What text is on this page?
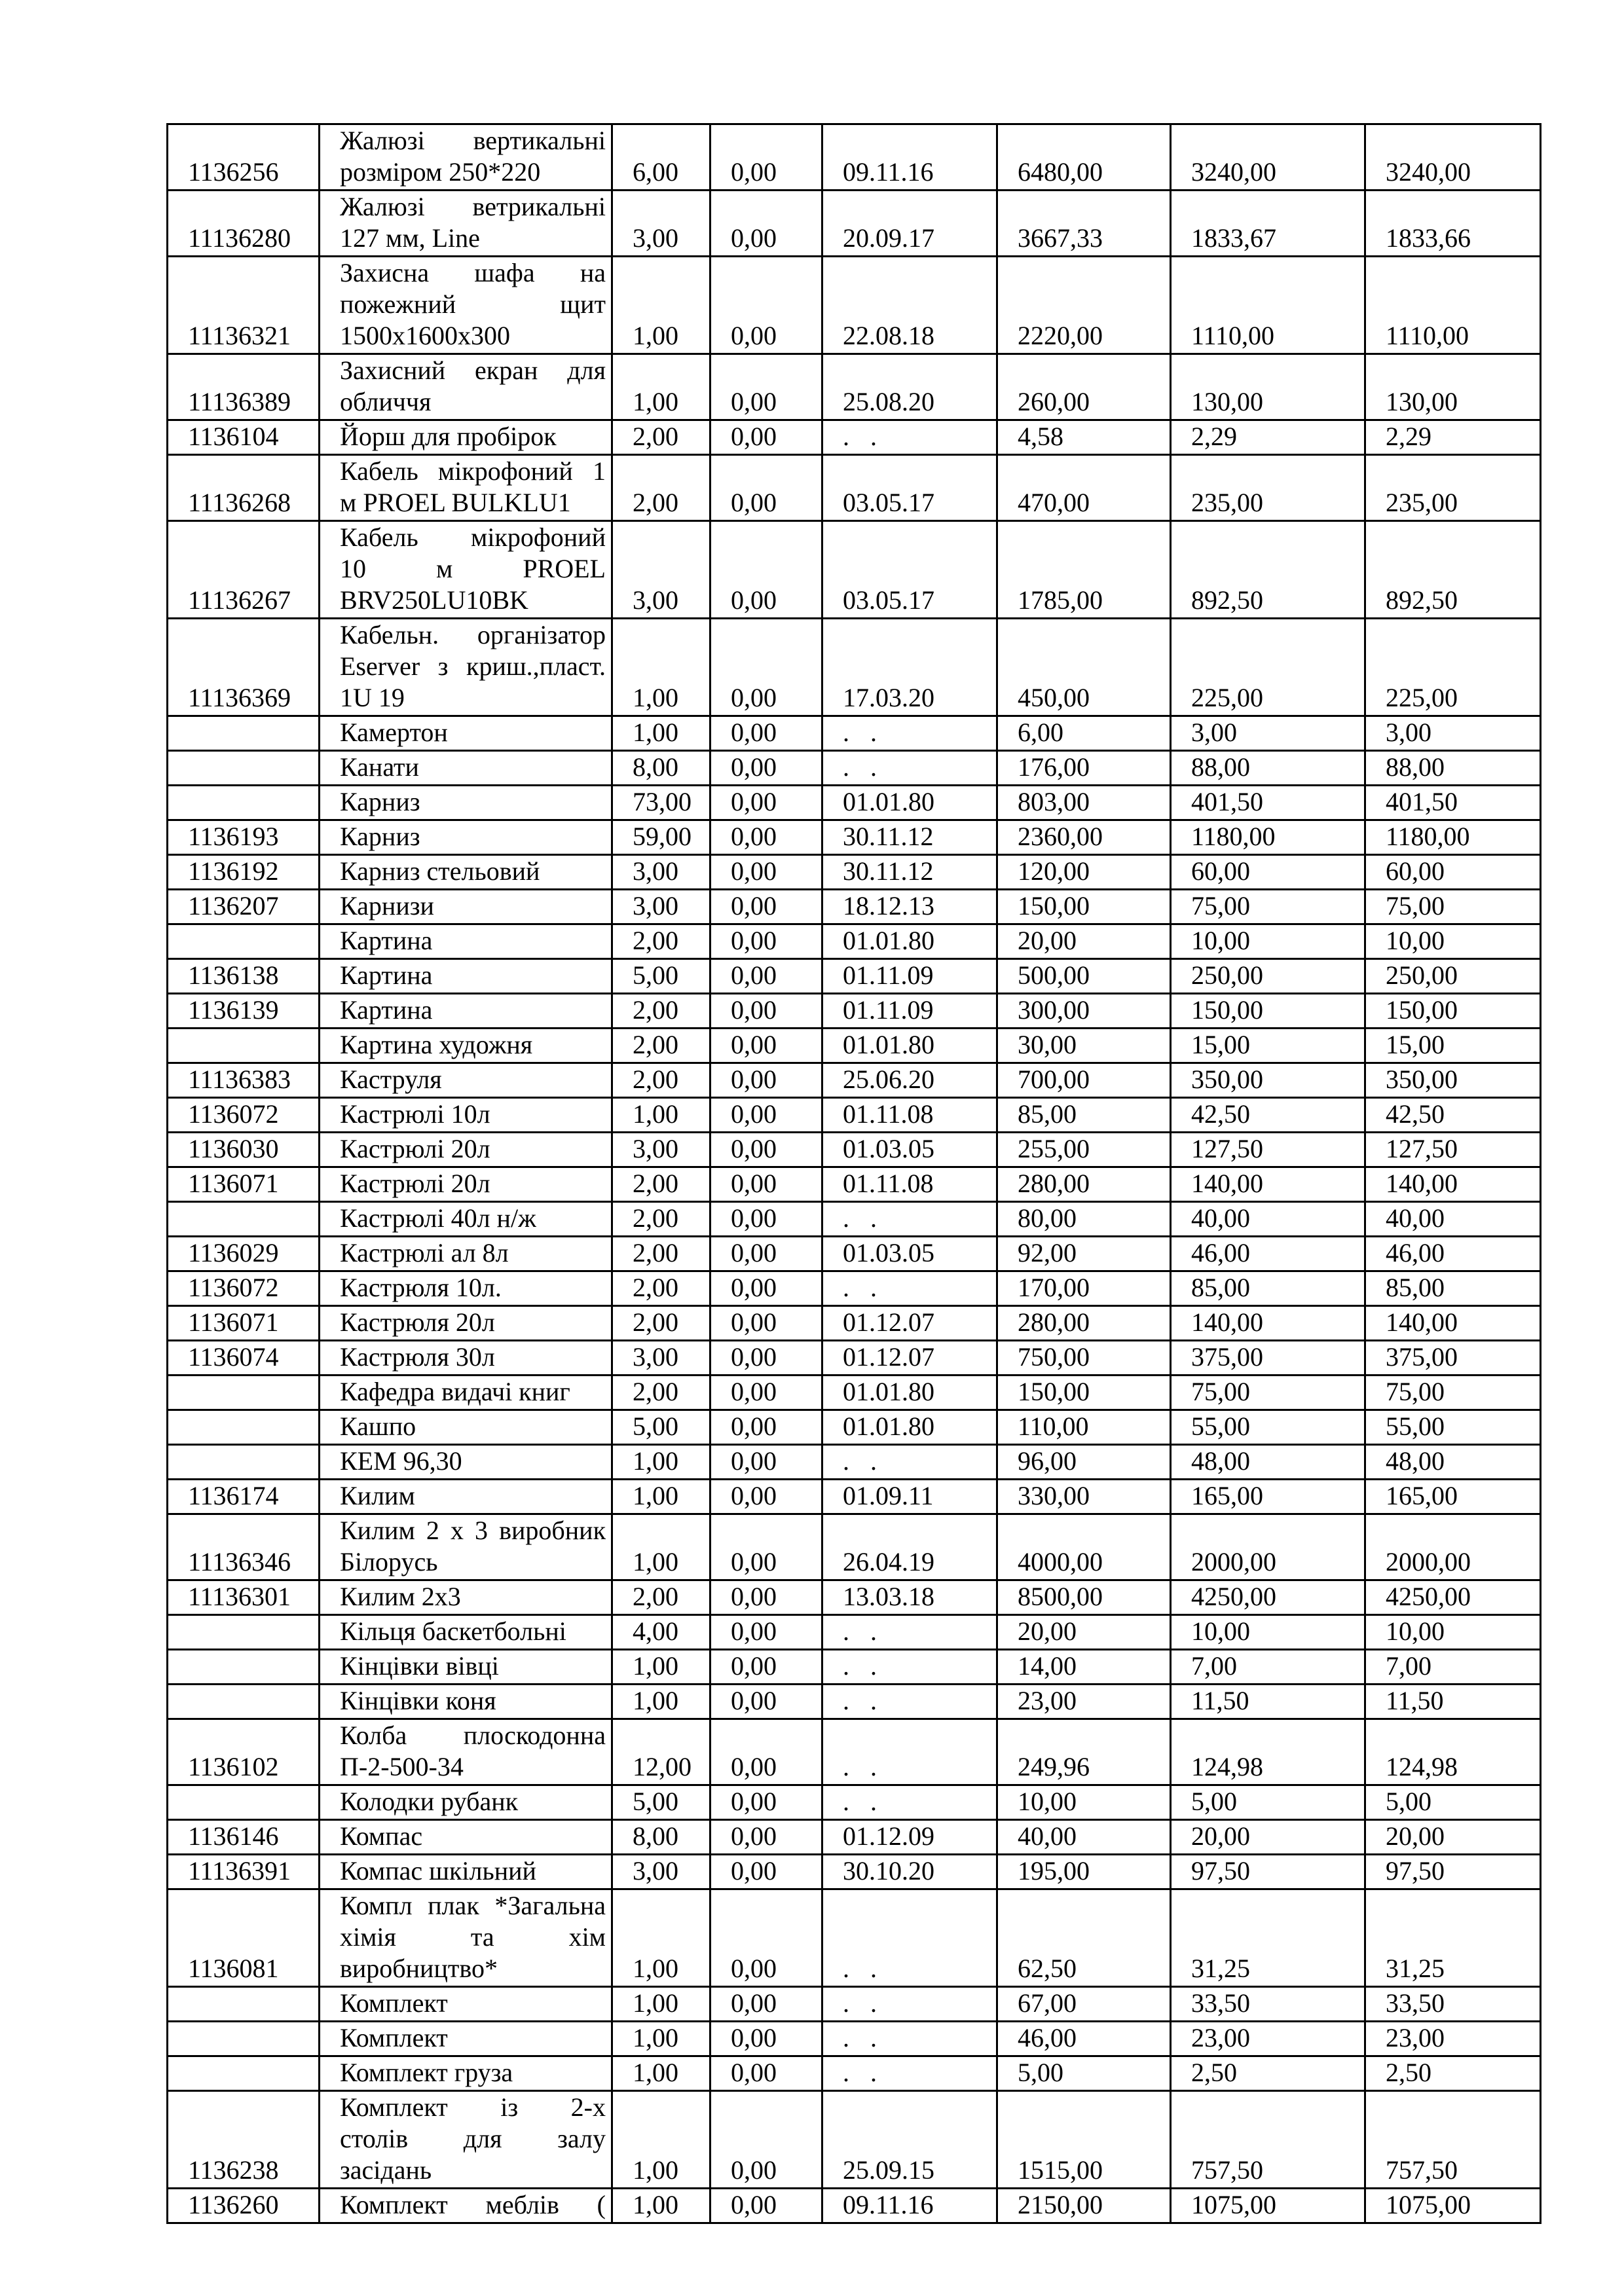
1136256	Жалюзі вертикальні
розміром 250*220	6,00	0,00	09.11.16	6480,00	3240,00	3240,00
11136280	Жалюзі ветрикальні
127 мм, Line	3,00	0,00	20.09.17	3667,33	1833,67	1833,66
11136321	Захисна шафа на
пожежний щит
1500х1600х300	1,00	0,00	22.08.18	2220,00	1110,00	1110,00
11136389	Захисний екран для
обличчя	1,00	0,00	25.08.20	260,00	130,00	130,00
1136104	Йорш для пробірок	2,00	0,00	. .	4,58	2,29	2,29
11136268	Кабель мікрофоний 1
м PROEL BULKLU1	2,00	0,00	03.05.17	470,00	235,00	235,00
11136267	Кабель мікрофоний
10 м PROEL
BRV250LU10BK	3,00	0,00	03.05.17	1785,00	892,50	892,50
11136369	Кабельн. організатор
Eserver з криш.,пласт.
1U 19	1,00	0,00	17.03.20	450,00	225,00	225,00

	Камертон	1,00	0,00	. .	6,00	3,00	3,00

	Канати	8,00	0,00	. .	176,00	88,00	88,00

	Карниз	73,00	0,00	01.01.80	803,00	401,50	401,50
1136193	Карниз	59,00	0,00	30.11.12	2360,00	1180,00	1180,00
1136192	Карниз стельовий	3,00	0,00	30.11.12	120,00	60,00	60,00
1136207	Карнизи	3,00	0,00	18.12.13	150,00	75,00	75,00

	Картина	2,00	0,00	01.01.80	20,00	10,00	10,00
1136138	Картина	5,00	0,00	01.11.09	500,00	250,00	250,00
1136139	Картина	2,00	0,00	01.11.09	300,00	150,00	150,00

	Картина художня	2,00	0,00	01.01.80	30,00	15,00	15,00
11136383	Каструля	2,00	0,00	25.06.20	700,00	350,00	350,00
1136072	Кастрюлі 10л	1,00	0,00	01.11.08	85,00	42,50	42,50
1136030	Кастрюлі 20л	3,00	0,00	01.03.05	255,00	127,50	127,50
1136071	Кастрюлі 20л	2,00	0,00	01.11.08	280,00	140,00	140,00

	Кастрюлі 40л н/ж	2,00	0,00	. .	80,00	40,00	40,00
1136029	Кастрюлі ал 8л	2,00	0,00	01.03.05	92,00	46,00	46,00
1136072	Кастрюля 10л.	2,00	0,00	. .	170,00	85,00	85,00
1136071	Кастрюля 20л	2,00	0,00	01.12.07	280,00	140,00	140,00
1136074	Кастрюля 30л	3,00	0,00	01.12.07	750,00	375,00	375,00

	Кафедра видачі книг	2,00	0,00	01.01.80	150,00	75,00	75,00

	Кашпо	5,00	0,00	01.01.80	110,00	55,00	55,00

	КЕМ 96,30	1,00	0,00	. .	96,00	48,00	48,00
1136174	Килим	1,00	0,00	01.09.11	330,00	165,00	165,00
11136346	Килим 2 х 3 виробник
Білорусь	1,00	0,00	26.04.19	4000,00	2000,00	2000,00
11136301	Килим 2х3	2,00	0,00	13.03.18	8500,00	4250,00	4250,00

	Кільця баскетбольні	4,00	0,00	. .	20,00	10,00	10,00

	Кінцівки вівці	1,00	0,00	. .	14,00	7,00	7,00

	Кінцівки коня	1,00	0,00	. .	23,00	11,50	11,50
1136102	Колба плоскодонна
П-2-500-34	12,00	0,00	. .	249,96	124,98	124,98

	Колодки рубанк	5,00	0,00	. .	10,00	5,00	5,00
1136146	Компас	8,00	0,00	01.12.09	40,00	20,00	20,00
11136391	Компас шкільний	3,00	0,00	30.10.20	195,00	97,50	97,50
1136081	Компл плак *Загальна
хімія та хім
виробництво*	1,00	0,00	. .	62,50	31,25	31,25

	Комплект	1,00	0,00	. .	67,00	33,50	33,50

	Комплект	1,00	0,00	. .	46,00	23,00	23,00

	Комплект груза	1,00	0,00	. .	5,00	2,50	2,50
1136238	Комплект із 2-х
столів для залу
засідань	1,00	0,00	25.09.15	1515,00	757,50	757,50
1136260	Комплект меблів (	1,00	0,00	09.11.16	2150,00	1075,00	1075,00
